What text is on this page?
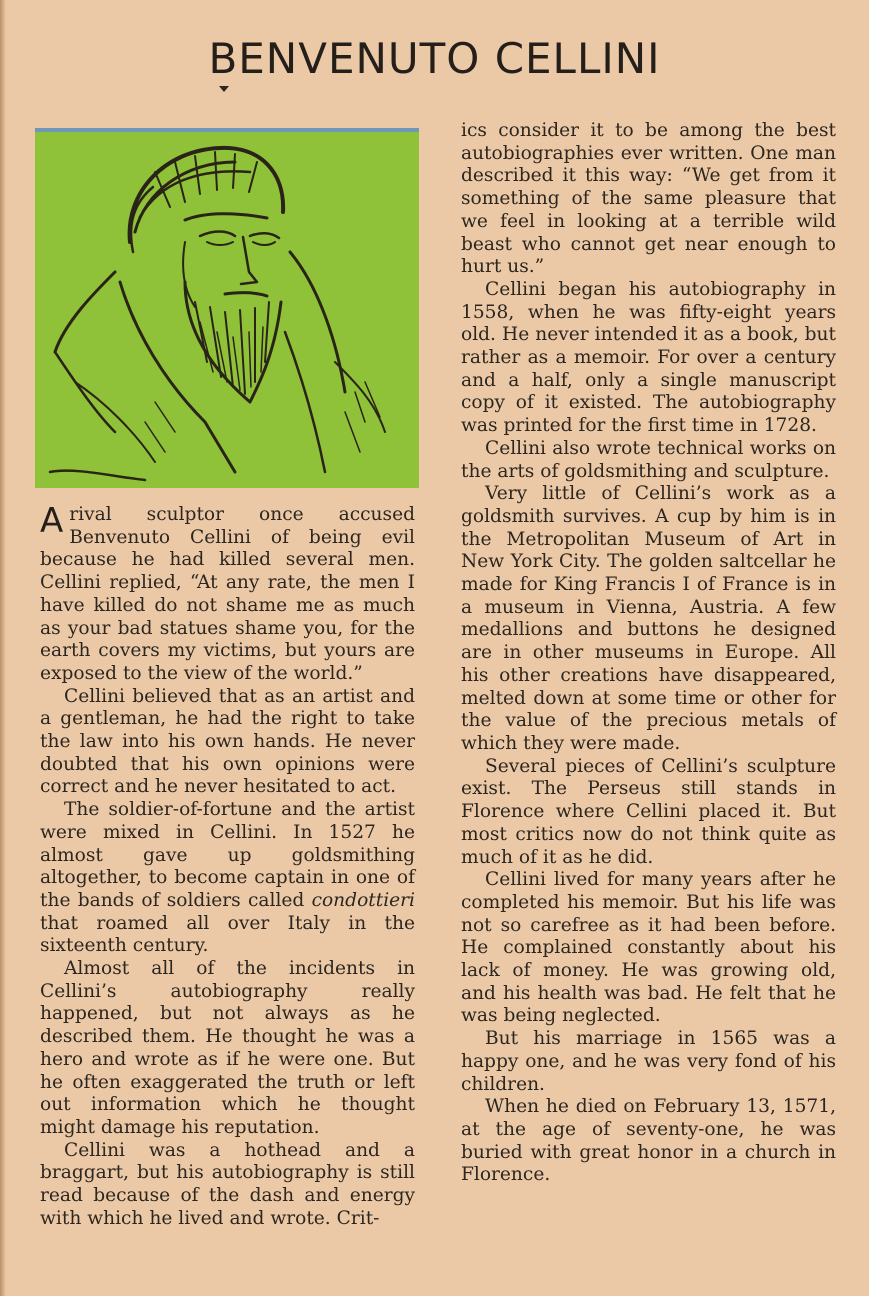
BENVENUTO CELLINI

A rival sculptor once accused Benvenuto Cellini of being evil because he had killed several men. Cellini replied, “At any rate, the men I have killed do not shame me as much as your bad statues shame you, for the earth covers my victims, but yours are exposed to the view of the world.”

Cellini believed that as an artist and a gentleman, he had the right to take the law into his own hands. He never doubted that his own opinions were correct and he never hesitated to act.

The soldier-of-fortune and the artist were mixed in Cellini. In 1527 he almost gave up goldsmithing altogether, to become captain in one of the bands of soldiers called condottieri that roamed all over Italy in the sixteenth century.

Almost all of the incidents in Cellini’s autobiography really happened, but not always as he described them. He thought he was a hero and wrote as if he were one. But he often exaggerated the truth or left out information which he thought might damage his reputation.

Cellini was a hothead and a braggart, but his autobiography is still read because of the dash and energy with which he lived and wrote. Crit-

ics consider it to be among the best autobiographies ever written. One man described it this way: “We get from it something of the same pleasure that we feel in looking at a terrible wild beast who cannot get near enough to hurt us.”

Cellini began his autobiography in 1558, when he was fifty-eight years old. He never intended it as a book, but rather as a memoir. For over a century and a half, only a single manuscript copy of it existed. The autobiography was printed for the first time in 1728.

Cellini also wrote technical works on the arts of goldsmithing and sculpture.

Very little of Cellini’s work as a goldsmith survives. A cup by him is in the Metropolitan Museum of Art in New York City. The golden saltcellar he made for King Francis I of France is in a museum in Vienna, Austria. A few medallions and buttons he designed are in other museums in Europe. All his other creations have disappeared, melted down at some time or other for the value of the precious metals of which they were made.

Several pieces of Cellini’s sculpture exist. The Perseus still stands in Florence where Cellini placed it. But most critics now do not think quite as much of it as he did.

Cellini lived for many years after he completed his memoir. But his life was not so carefree as it had been before. He complained constantly about his lack of money. He was growing old, and his health was bad. He felt that he was being neglected.

But his marriage in 1565 was a happy one, and he was very fond of his children.

When he died on February 13, 1571, at the age of seventy-one, he was buried with great honor in a church in Florence.
